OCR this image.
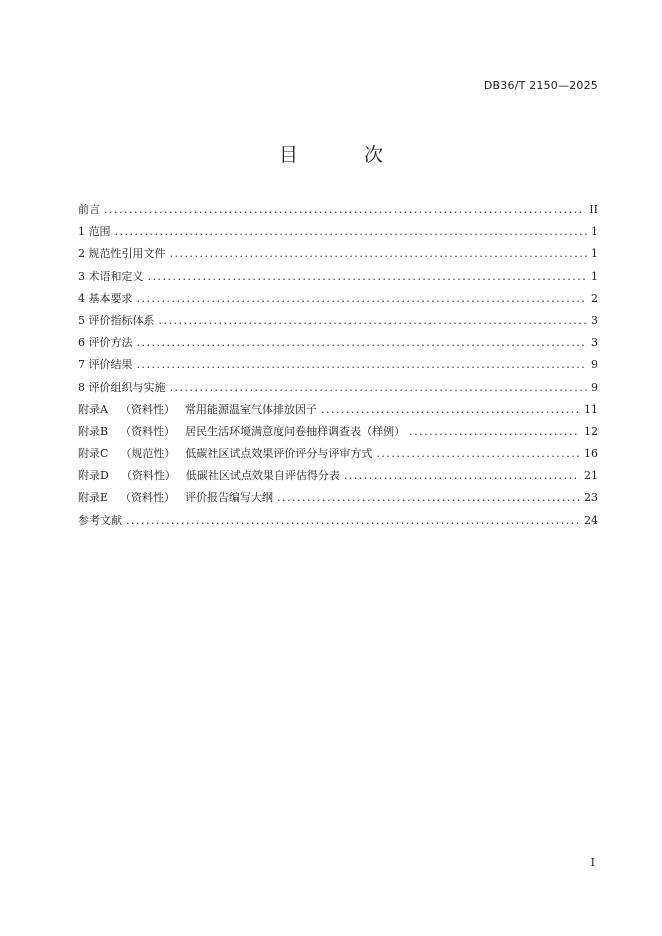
DB36/T 2150—2025
目 次
前言 .....	II
1 范围 .....	1
2 规范性引用文件 .....	1
3 术语和定义 .....	1
4 基本要求 .....	2
5 评价指标体系 .....	3
6 评价方法 .....	3
7 评价结果 .....	9
8 评价组织与实施 .....	9
附录A （资料性） 常用能源温室气体排放因子 .....	11
附录B （资料性） 居民生活环境满意度问卷抽样调查表（样例） .....	12
附录C （规范性） 低碳社区试点效果评价评分与评审方式 .....	16
附录D （资料性） 低碳社区试点效果自评估得分表 .....	21
附录E （资料性） 评价报告编写大纲 .....	23
参考文献 .....	24
I
